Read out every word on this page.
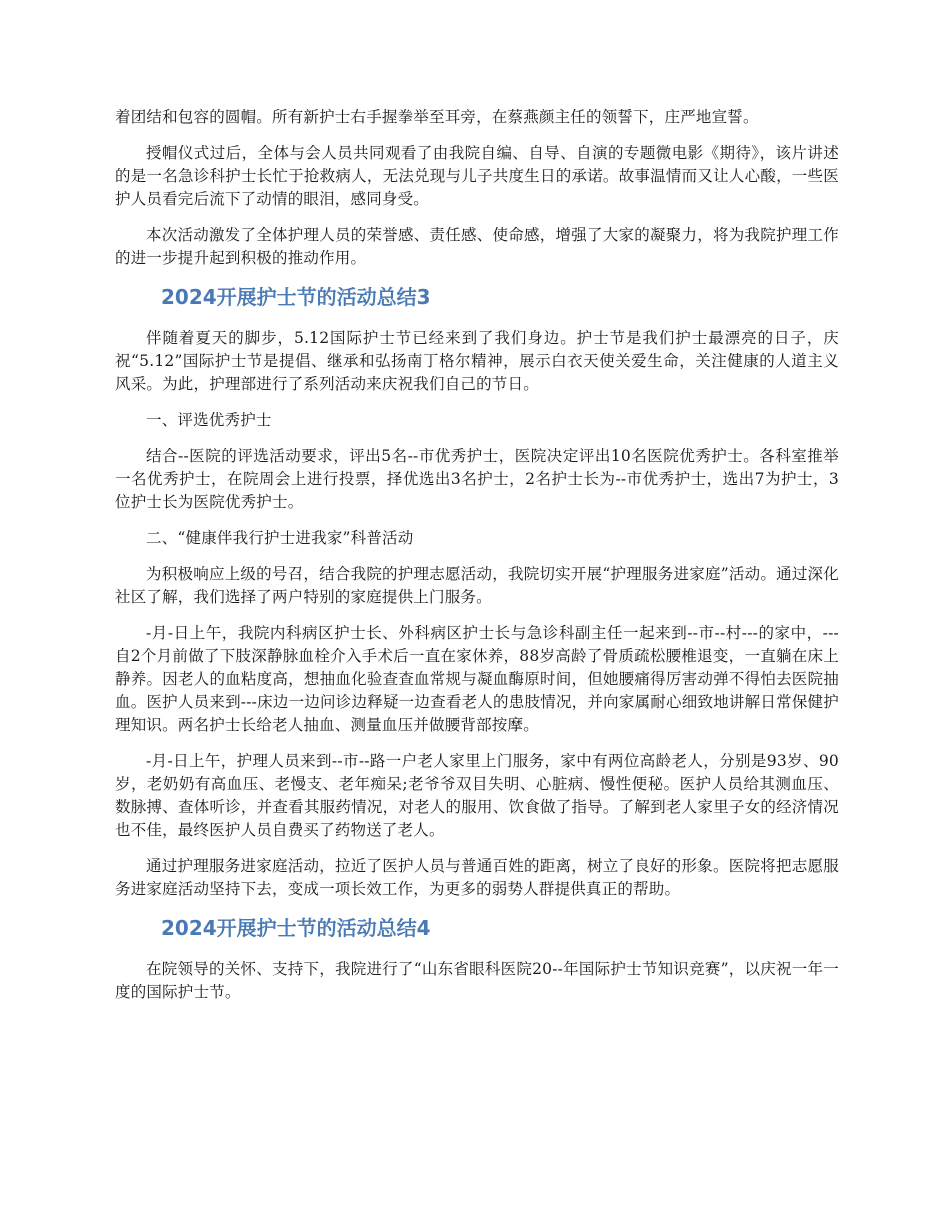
着团结和包容的圆帽。所有新护士右手握拳举至耳旁，在蔡燕颜主任的领誓下，庄严地宣誓。

授帽仪式过后，全体与会人员共同观看了由我院自编、自导、自演的专题微电影《期待》，该片讲述的是一名急诊科护士长忙于抢救病人，无法兑现与儿子共度生日的承诺。故事温情而又让人心酸，一些医护人员看完后流下了动情的眼泪，感同身受。

本次活动激发了全体护理人员的荣誉感、责任感、使命感，增强了大家的凝聚力，将为我院护理工作的进一步提升起到积极的推动作用。

2024开展护士节的活动总结3

伴随着夏天的脚步，5.12国际护士节已经来到了我们身边。护士节是我们护士最漂亮的日子，庆祝“5.12”国际护士节是提倡、继承和弘扬南丁格尔精神，展示白衣天使关爱生命，关注健康的人道主义风采。为此，护理部进行了系列活动来庆祝我们自己的节日。

一、评选优秀护士

结合--医院的评选活动要求，评出5名--市优秀护士，医院决定评出10名医院优秀护士。各科室推举一名优秀护士，在院周会上进行投票，择优选出3名护士，2名护士长为--市优秀护士，选出7为护士，3位护士长为医院优秀护士。

二、“健康伴我行护士进我家”科普活动

为积极响应上级的号召，结合我院的护理志愿活动，我院切实开展“护理服务进家庭”活动。通过深化社区了解，我们选择了两户特别的家庭提供上门服务。

-月-日上午，我院内科病区护士长、外科病区护士长与急诊科副主任一起来到--市--村---的家中，---自2个月前做了下肢深静脉血栓介入手术后一直在家休养，88岁高龄了骨质疏松腰椎退变，一直躺在床上静养。因老人的血粘度高，想抽血化验查查血常规与凝血酶原时间，但她腰痛得厉害动弹不得怕去医院抽血。医护人员来到---床边一边问诊边释疑一边查看老人的患肢情况，并向家属耐心细致地讲解日常保健护理知识。两名护士长给老人抽血、测量血压并做腰背部按摩。

-月-日上午，护理人员来到--市--路一户老人家里上门服务，家中有两位高龄老人，分别是93岁、90岁，老奶奶有高血压、老慢支、老年痴呆;老爷爷双目失明、心脏病、慢性便秘。医护人员给其测血压、数脉搏、查体听诊，并查看其服药情况，对老人的服用、饮食做了指导。了解到老人家里子女的经济情况也不佳，最终医护人员自费买了药物送了老人。

通过护理服务进家庭活动，拉近了医护人员与普通百姓的距离，树立了良好的形象。医院将把志愿服务进家庭活动坚持下去，变成一项长效工作，为更多的弱势人群提供真正的帮助。

2024开展护士节的活动总结4

在院领导的关怀、支持下，我院进行了“山东省眼科医院20--年国际护士节知识竞赛”，以庆祝一年一度的国际护士节。
